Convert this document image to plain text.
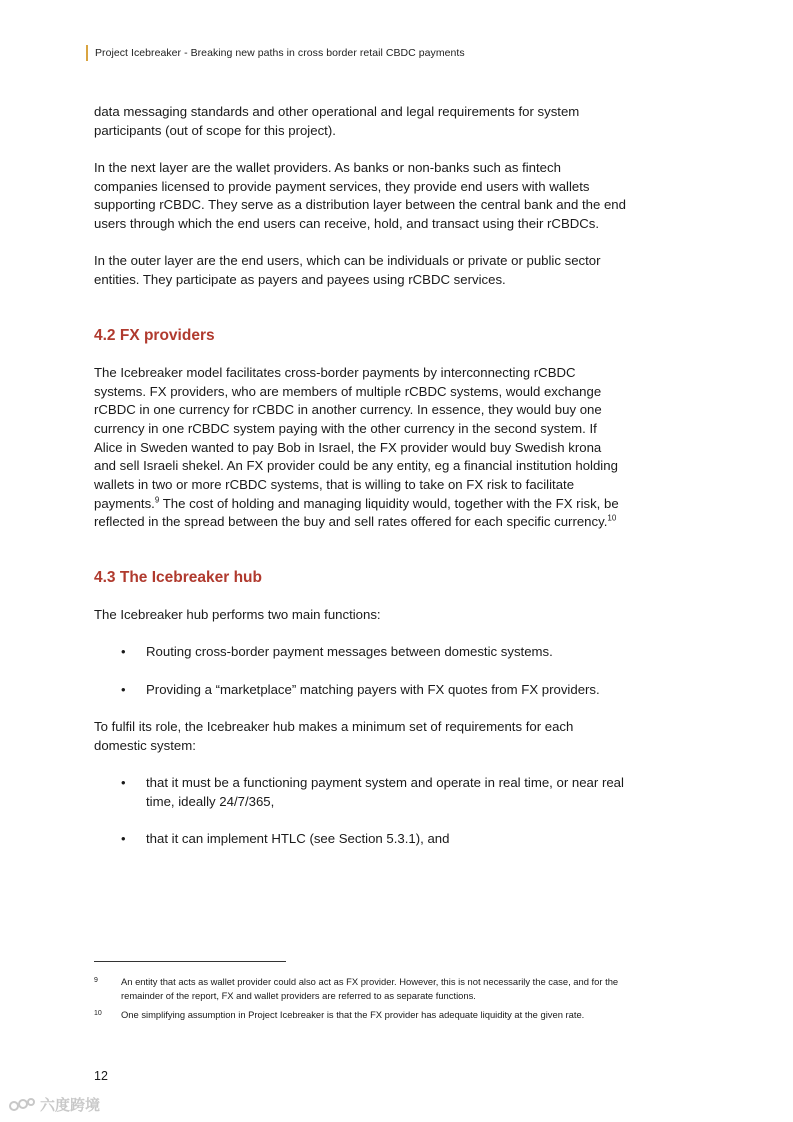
Project Icebreaker - Breaking new paths in cross border retail CBDC payments

data messaging standards and other operational and legal requirements for system participants (out of scope for this project).

In the next layer are the wallet providers. As banks or non-banks such as fintech companies licensed to provide payment services, they provide end users with wallets supporting rCBDC. They serve as a distribution layer between the central bank and the end users through which the end users can receive, hold, and transact using their rCBDCs.

In the outer layer are the end users, which can be individuals or private or public sector entities. They participate as payers and payees using rCBDC services.

4.2 FX providers

The Icebreaker model facilitates cross-border payments by interconnecting rCBDC systems. FX providers, who are members of multiple rCBDC systems, would exchange rCBDC in one currency for rCBDC in another currency. In essence, they would buy one currency in one rCBDC system paying with the other currency in the second system. If Alice in Sweden wanted to pay Bob in Israel, the FX provider would buy Swedish krona and sell Israeli shekel. An FX provider could be any entity, eg a financial institution holding wallets in two or more rCBDC systems, that is willing to take on FX risk to facilitate payments.$^9$ The cost of holding and managing liquidity would, together with the FX risk, be reflected in the spread between the buy and sell rates offered for each specific currency.$^{10}$

4.3 The Icebreaker hub

The Icebreaker hub performs two main functions:

• Routing cross-border payment messages between domestic systems.
• Providing a “marketplace” matching payers with FX quotes from FX providers.

To fulfil its role, the Icebreaker hub makes a minimum set of requirements for each domestic system:

• that it must be a functioning payment system and operate in real time, or near real time, ideally 24/7/365,
• that it can implement HTLC (see Section 5.3.1), and
9	An entity that acts as wallet provider could also act as FX provider. However, this is not necessarily the case, and for the remainder of the report, FX and wallet providers are referred to as separate functions.
10	One simplifying assumption in Project Icebreaker is that the FX provider has adequate liquidity at the given rate.
12
六度跨境
